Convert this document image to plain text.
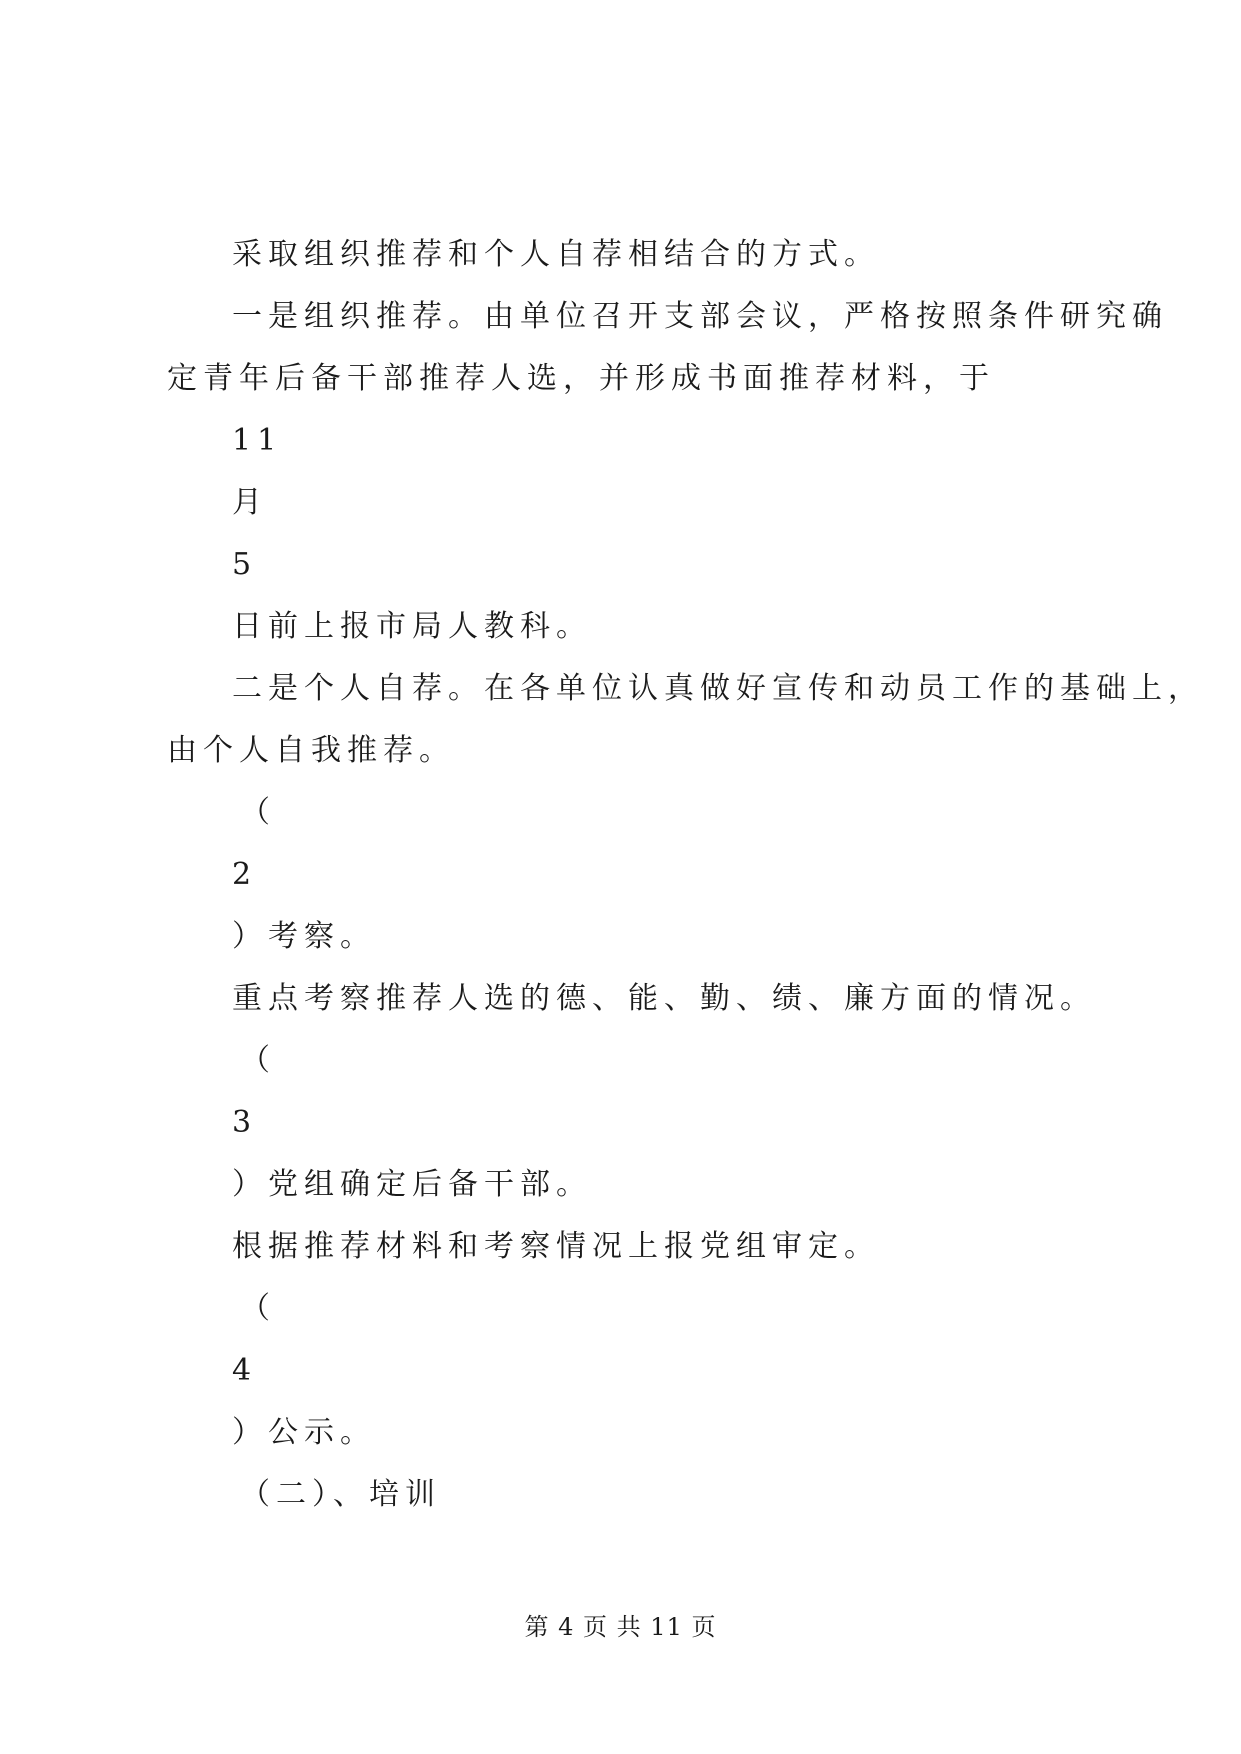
采取组织推荐和个人自荐相结合的方式。
一是组织推荐。由单位召开支部会议，严格按照条件研究确
定青年后备干部推荐人选，并形成书面推荐材料，于
11
月
5
日前上报市局人教科。
二是个人自荐。在各单位认真做好宣传和动员工作的基础上，
由个人自我推荐。
（
2
）考察。
重点考察推荐人选的德、能、勤、绩、廉方面的情况。
（
3
）党组确定后备干部。
根据推荐材料和考察情况上报党组审定。
（
4
）公示。
（二）、培训
第 4 页 共 11 页
